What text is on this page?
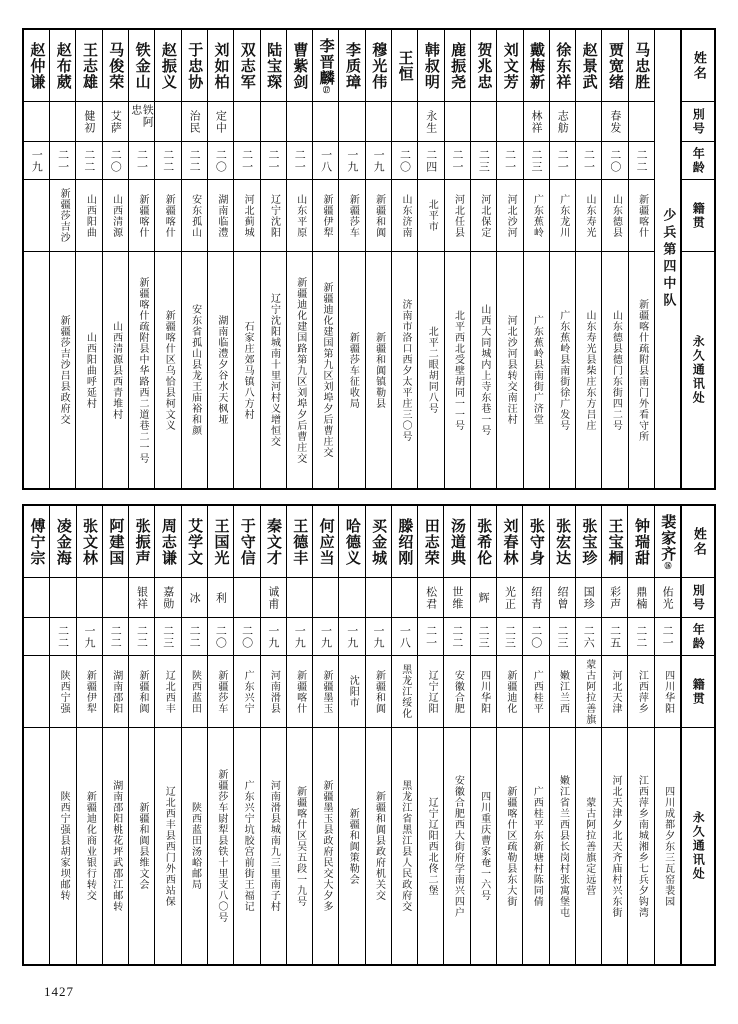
姓名
別号
年龄
籍贯
永久通讯处
少兵第四中队
马忠胜
二二
新疆喀什
新疆喀什疏附县南门外看守所
贾宽绪
春发
二〇
山东德县
山东德县德门东街四二号
赵景武
二一
山东寿光
山东寿光县柴庄东方吕庄
徐东祥
志舫
二一
广东龙川
广东蕉岭县南街徐广发号
戴梅新
林祥
二三
广东蕉岭
广东蕉岭县南街广济堂
刘文芳
二一
河北沙河
河北沙河县转交南汪村
贺兆忠
二三
河北保定
山西大同城内上寺东巷一号
鹿振尧
二一
河北任县
北平西北受壁胡同一一号
韩叔明
永生
二四
北平市
北平二眼胡同八号
王恒
二〇
山东济南
济南市洛口西夕太平庄三〇号
穆光伟
一九
新疆和阗
新疆和阗镇勒县
李质璋
一九
新疆莎车
新疆莎车征收局
李晋麟
⑰
一八
新疆伊犁
新疆迪化建国第九区刘埠夕后曹庄交
曹紫剑
二一
山东平原
新疆迪化建国路第九区刘埠夕后曹庄交
陆宝琛
二一
辽宁沈阳
辽宁沈阳城南十里河村义增恒交
双志军
二一
河北蓟城
石家庄郊马镇八方村
刘如柏
定中
二〇
湖南临澧
湖南临澧夕谷水天枫垭
于忠协
治民
二二
安东孤山
安东省孤山县龙王庙裕和颜
赵振义
二二
新疆喀什
新疆喀什区乌恰县柯文义
铁金山
铁阿忠
二一
新疆喀什
新疆喀什疏附县中华路西二道巷二一号
马俊荣
艾萨
二〇
山西清源
山西清源县西青堆村
王志雄
健初
二二
山西阳曲
山西阳曲呼延村
赵布葳
二一
新疆莎吉沙
新疆莎吉沙吕县政府交
赵仲谦
一九
姓名
別号
年龄
籍贯
永久通讯处
裴家齐
⑯
佑光
二一
四川华阳
四川成都夕东三瓦窑裴园
钟瑞甜
鼎楠
二二
江西萍乡
江西萍乡南城湘乡七兵夕钩湾
王宝桐
彩声
二五
河北天津
河北天津夕北天齐庙村兴东街
张宝珍
国珍
二六
蒙古阿拉善旗
蒙古阿拉善旗定远营
张宏达
绍曾
二三
嫩江兰西
嫩江省兰西县长岗村张寓堡屯
张守身
绍青
二〇
广西桂平
广西桂平东新塘村陈同倩
刘春林
光正
二三
新疆迪化
新疆喀什区疏勒县东大街
张希伦
辉
二三
四川华阳
四川重庆曹家奄一六号
汤道典
世维
二二
安徽合肥
安徽合肥西大街府学南兴四户
田志荣
松君
二一
辽宁辽阳
辽宁辽阳西北佟二堡
滕绍刚
一八
黑龙江绥化
黑龙江省黑江县人民政府交
买金城
一九
新疆和阗
新疆和阗县政府机关交
哈德义
一九
沈阳市
新疆和阗策勒会
何应当
一九
新疆墨玉
新疆墨玉县政府民交大夕多
王德丰
一九
新疆喀什
新疆喀什区吴五段一九号
秦文才
诚甫
一九
河南滑县
河南滑县城南九三里南子村
于守信
二〇
广东兴宁
广东兴宁坑胶宫前街王福记
王国光
利
二〇
新疆莎车
新疆莎车尉犁县铁十里支八〇号
艾学文
冰
二二
陕西蓝田
陕西蓝田汤峪邮局
周志谦
嘉勋
二三
辽北西丰
辽北西丰县西门外西站保
张振声
银祥
二二
新疆和阗
新疆和阗县维文会
阿建国
二二
湖南邵阳
湖南邵阳桃花坪武邵江邮转
张文林
一九
新疆伊犁
新疆迪化商业银行转交
凌金海
二二
陕西宁强
陕西宁强县胡家坝邮转
傅宁宗
1427
